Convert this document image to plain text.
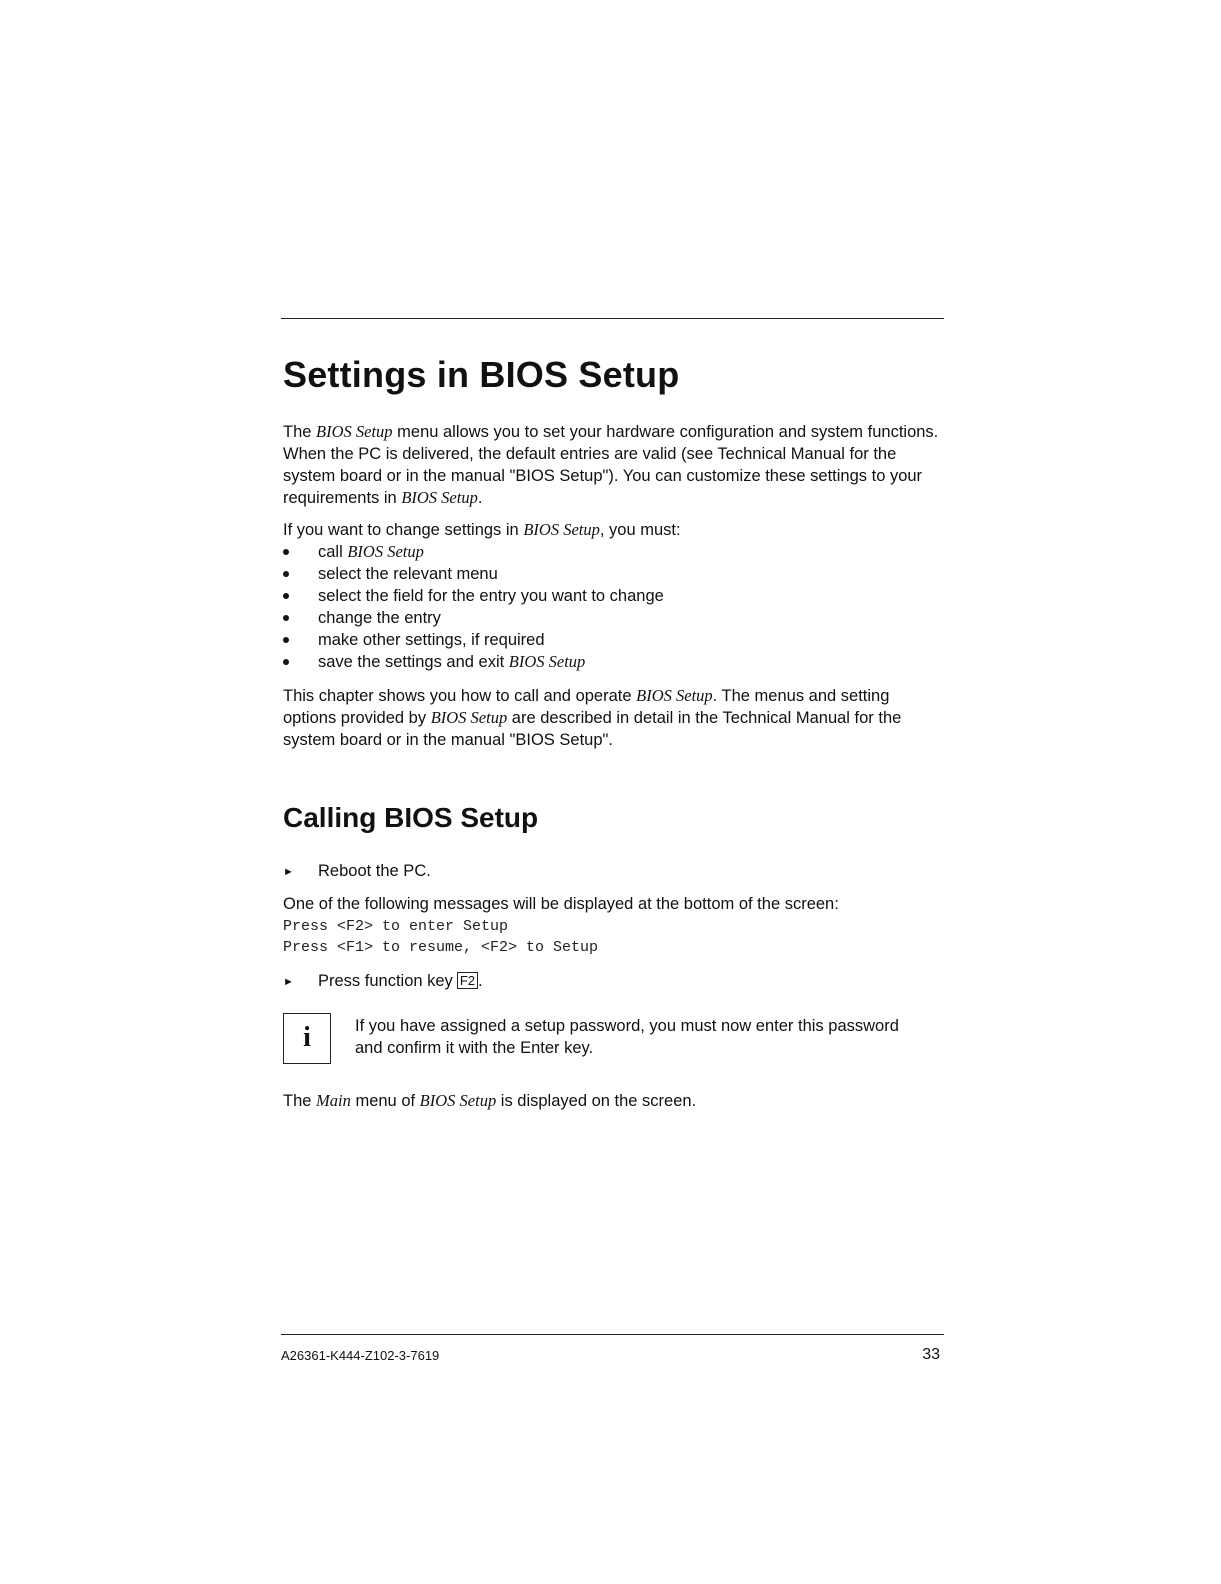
Settings in BIOS Setup

The BIOS Setup menu allows you to set your hardware configuration and system functions. When the PC is delivered, the default entries are valid (see Technical Manual for the system board or in the manual "BIOS Setup"). You can customize these settings to your requirements in BIOS Setup.

If you want to change settings in BIOS Setup, you must:

call BIOS Setup
select the relevant menu
select the field for the entry you want to change
change the entry
make other settings, if required
save the settings and exit BIOS Setup

This chapter shows you how to call and operate BIOS Setup. The menus and setting options provided by BIOS Setup are described in detail in the Technical Manual for the system board or in the manual "BIOS Setup".

Calling BIOS Setup
► Reboot the PC.

One of the following messages will be displayed at the bottom of the screen:

Press <F2> to enter Setup
Press <F1> to resume, <F2> to Setup
► Press function key F2 .
i	If you have assigned a setup password, you must now enter this password and confirm it with the Enter key.

The Main menu of BIOS Setup is displayed on the screen.

A26361-K444-Z102-3-7619	33
